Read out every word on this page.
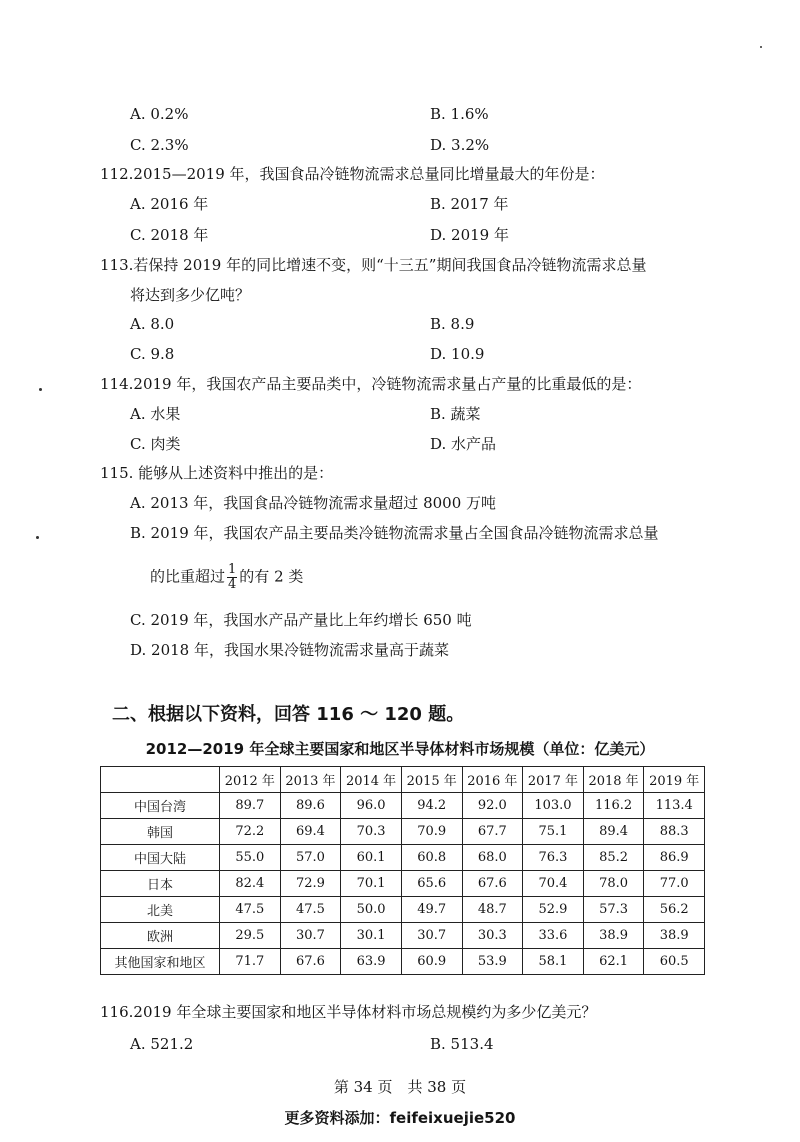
A. 0.2%	B. 1.6%
C. 2.3%	D. 3.2%
112.2015—2019 年，我国食品冷链物流需求总量同比增量最大的年份是：
A. 2016 年	B. 2017 年
C. 2018 年	D. 2019 年
113.若保持 2019 年的同比增速不变，则“十三五”期间我国食品冷链物流需求总量
将达到多少亿吨？
A. 8.0	B. 8.9
C. 9.8	D. 10.9
114.2019 年，我国农产品主要品类中，冷链物流需求量占产量的比重最低的是：
A. 水果	B. 蔬菜
C. 肉类	D. 水产品
115. 能够从上述资料中推出的是：
A. 2013 年，我国食品冷链物流需求量超过 8000 万吨
B. 2019 年，我国农产品主要品类冷链物流需求量占全国食品冷链物流需求总量
的比重超过 $\frac{1}{4}$ 的有 2 类
C. 2019 年，我国水产品产量比上年约增长 650 吨
D. 2018 年，我国水果冷链物流需求量高于蔬菜
二、根据以下资料，回答 116 ～ 120 题。
2012—2019 年全球主要国家和地区半导体材料市场规模（单位：亿美元）
	2012 年	2013 年	2014 年	2015 年	2016 年	2017 年	2018 年	2019 年
中国台湾	89.7	89.6	96.0	94.2	92.0	103.0	116.2	113.4
韩国	72.2	69.4	70.3	70.9	67.7	75.1	89.4	88.3
中国大陆	55.0	57.0	60.1	60.8	68.0	76.3	85.2	86.9
日本	82.4	72.9	70.1	65.6	67.6	70.4	78.0	77.0
北美	47.5	47.5	50.0	49.7	48.7	52.9	57.3	56.2
欧洲	29.5	30.7	30.1	30.7	30.3	33.6	38.9	38.9
其他国家和地区	71.7	67.6	63.9	60.9	53.9	58.1	62.1	60.5
116.2019 年全球主要国家和地区半导体材料市场总规模约为多少亿美元？
A. 521.2	B. 513.4
第 34 页　共 38 页
更多资料添加：feifeixuejie520
